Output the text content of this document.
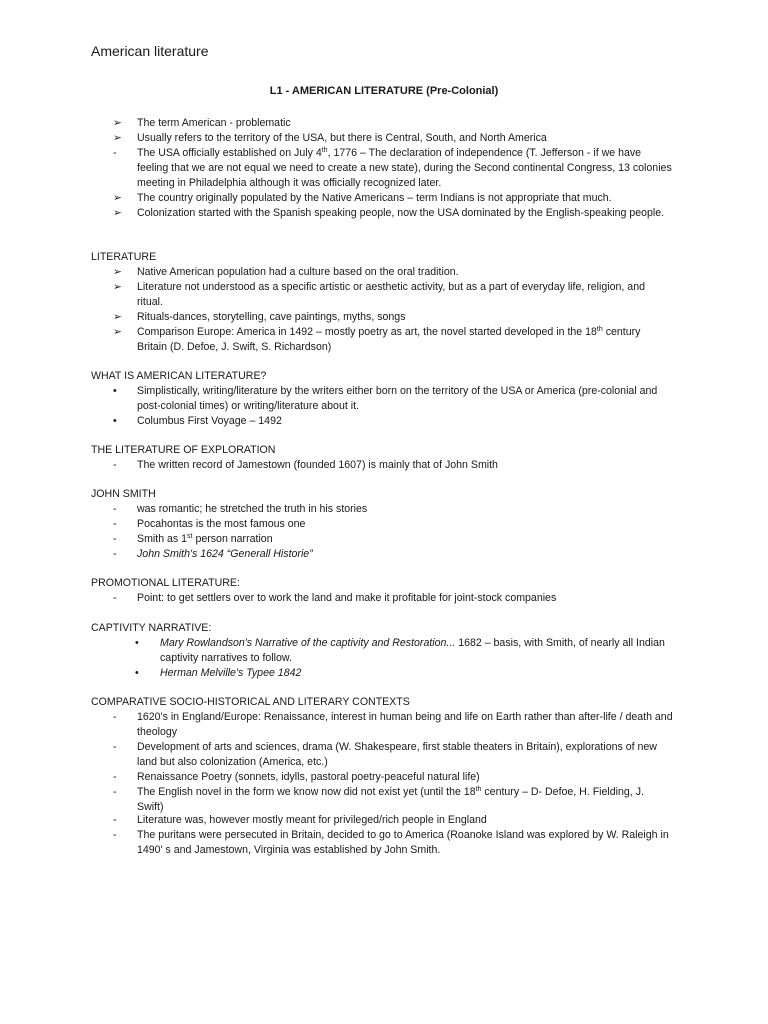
American literature
L1 - AMERICAN LITERATURE (Pre-Colonial)
➢	The term American - problematic
➢	Usually refers to the territory of the USA, but there is Central, South, and North America
-	The USA officially established on July 4th, 1776 – The declaration of independence (T. Jefferson - if we have feeling that we are not equal we need to create a new state), during the Second continental Congress, 13 colonies meeting in Philadelphia although it was officially recognized later.
➢	The country originally populated by the Native Americans – term Indians is not appropriate that much.
➢	Colonization started with the Spanish speaking people, now the USA dominated by the English-speaking people.
LITERATURE
➢	Native American population had a culture based on the oral tradition.
➢	Literature not understood as a specific artistic or aesthetic activity, but as a part of everyday life, religion, and ritual.
➢	Rituals-dances, storytelling, cave paintings, myths, songs
➢	Comparison Europe: America in 1492 – mostly poetry as art, the novel started developed in the 18th century Britain (D. Defoe, J. Swift, S. Richardson)
WHAT IS AMERICAN LITERATURE?
•	Simplistically, writing/literature by the writers either born on the territory of the USA or America (pre-colonial and post-colonial times) or writing/literature about it.
•	Columbus First Voyage – 1492
THE LITERATURE OF EXPLORATION
-	The written record of Jamestown (founded 1607) is mainly that of John Smith
JOHN SMITH
-	was romantic; he stretched the truth in his stories
-	Pocahontas is the most famous one
-	Smith as 1st person narration
-	John Smith's 1624 “Generall Historie”
PROMOTIONAL LITERATURE:
-	Point: to get settlers over to work the land and make it profitable for joint-stock companies
CAPTIVITY NARRATIVE:
•	Mary Rowlandson's Narrative of the captivity and Restoration... 1682 – basis, with Smith, of nearly all Indian captivity narratives to follow.
•	Herman Melville's Typee 1842
COMPARATIVE SOCIO-HISTORICAL AND LITERARY CONTEXTS
-	1620's in England/Europe: Renaissance, interest in human being and life on Earth rather than after-life / death and theology
-	Development of arts and sciences, drama (W. Shakespeare, first stable theaters in Britain), explorations of new land but also colonization (America, etc.)
-	Renaissance Poetry (sonnets, idylls, pastoral poetry-peaceful natural life)
-	The English novel in the form we know now did not exist yet (until the 18th century – D- Defoe, H. Fielding, J. Swift)
-	Literature was, however mostly meant for privileged/rich people in England
-	The puritans were persecuted in Britain, decided to go to America (Roanoke Island was explored by W. Raleigh in 1490' s and Jamestown, Virginia was established by John Smith.
